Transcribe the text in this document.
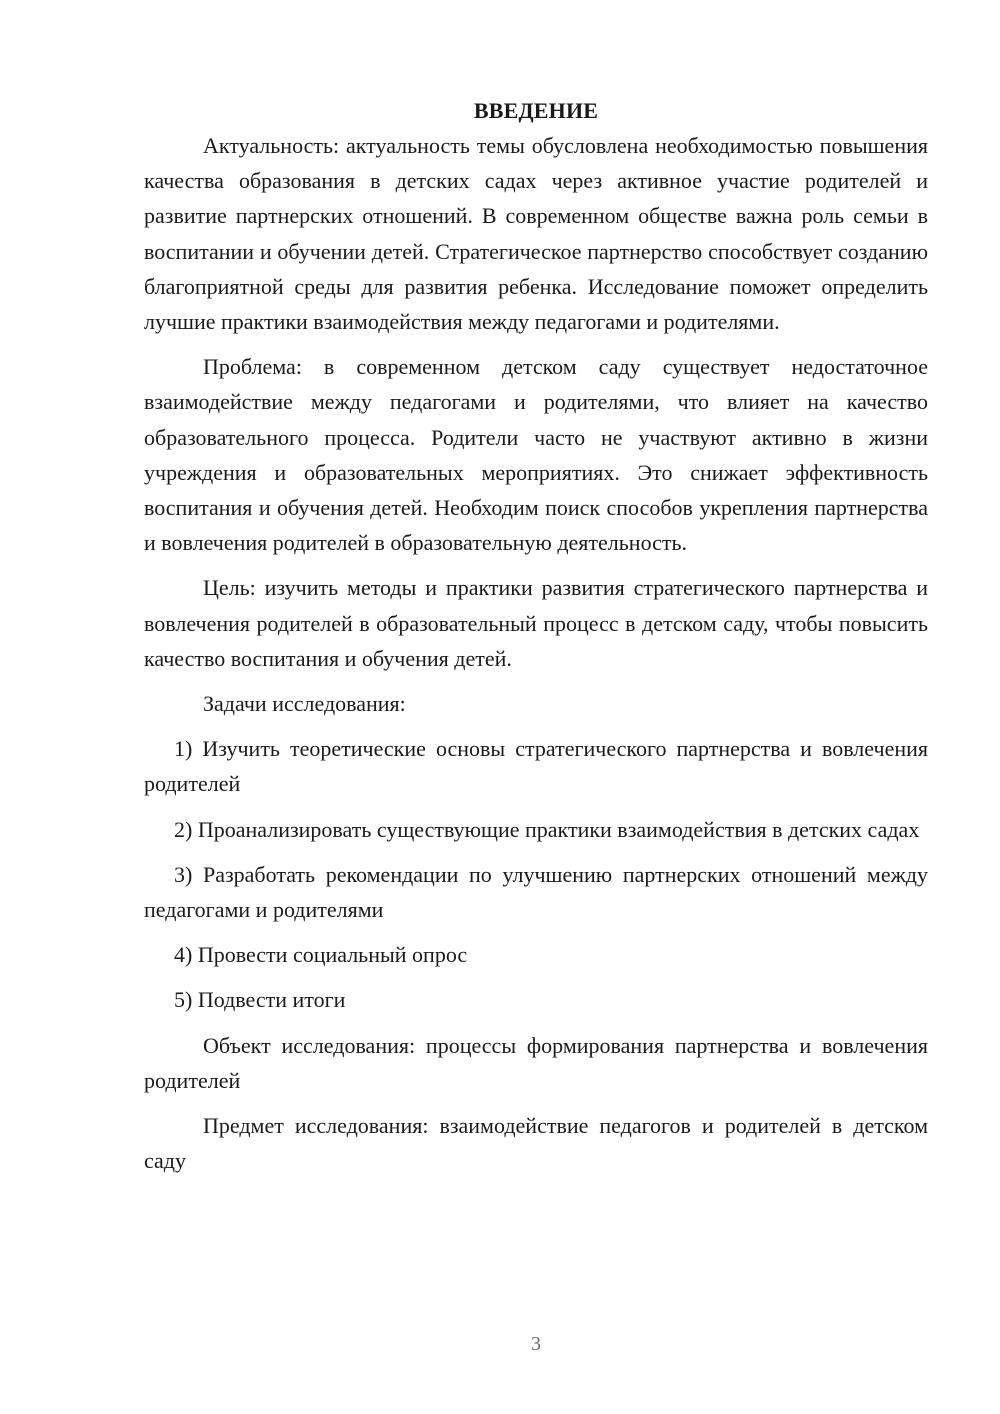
ВВЕДЕНИЕ

Актуальность: актуальность темы обусловлена необходимостью повышения качества образования в детских садах через активное участие родителей и развитие партнерских отношений. В современном обществе важна роль семьи в воспитании и обучении детей. Стратегическое партнерство способствует созданию благоприятной среды для развития ребенка. Исследование поможет определить лучшие практики взаимодействия между педагогами и родителями.

Проблема: в современном детском саду существует недостаточное взаимодействие между педагогами и родителями, что влияет на качество образовательного процесса. Родители часто не участвуют активно в жизни учреждения и образовательных мероприятиях. Это снижает эффективность воспитания и обучения детей. Необходим поиск способов укрепления партнерства и вовлечения родителей в образовательную деятельность.

Цель: изучить методы и практики развития стратегического партнерства и вовлечения родителей в образовательный процесс в детском саду, чтобы повысить качество воспитания и обучения детей.

Задачи исследования:

1) Изучить теоретические основы стратегического партнерства и вовлечения родителей

2) Проанализировать существующие практики взаимодействия в детских садах

3) Разработать рекомендации по улучшению партнерских отношений между педагогами и родителями

4) Провести социальный опрос

5) Подвести итоги

Объект исследования: процессы формирования партнерства и вовлечения родителей

Предмет исследования: взаимодействие педагогов и родителей в детском саду

3
